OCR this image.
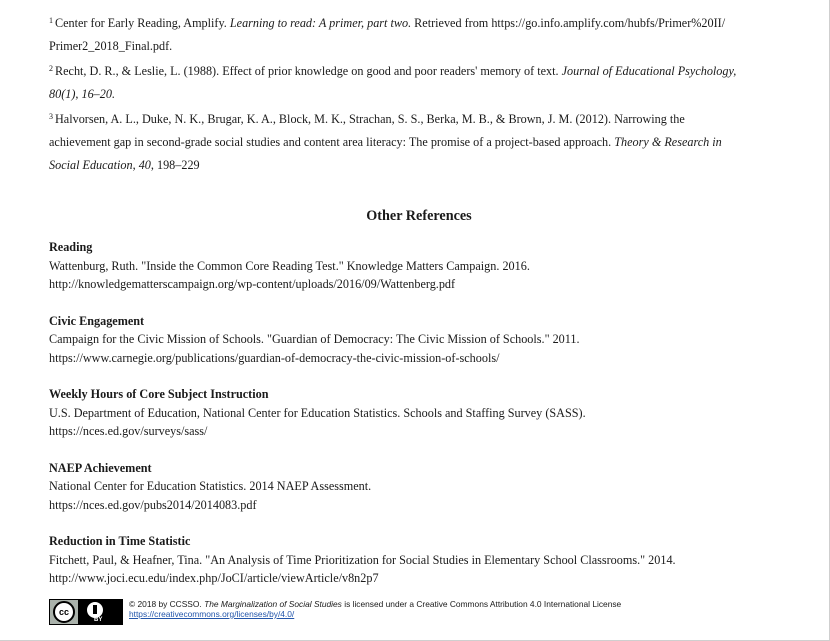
$^1$ Center for Early Reading, Amplify. Learning to read: A primer, part two. Retrieved from https://go.info.amplify.com/hubfs/Primer%20II/
Primer2_2018_Final.pdf.
$^2$ Recht, D. R., & Leslie, L. (1988). Effect of prior knowledge on good and poor readers' memory of text. Journal of Educational Psychology,
80(1), 16–20.
$^3$ Halvorsen, A. L., Duke, N. K., Brugar, K. A., Block, M. K., Strachan, S. S., Berka, M. B., & Brown, J. M. (2012). Narrowing the
achievement gap in second-grade social studies and content area literacy: The promise of a project-based approach. Theory & Research in
Social Education, 40, 198–229
Other References
Reading
Wattenburg, Ruth. "Inside the Common Core Reading Test." Knowledge Matters Campaign. 2016.
http://knowledgematterscampaign.org/wp-content/uploads/2016/09/Wattenberg.pdf
Civic Engagement
Campaign for the Civic Mission of Schools. "Guardian of Democracy: The Civic Mission of Schools." 2011.
https://www.carnegie.org/publications/guardian-of-democracy-the-civic-mission-of-schools/
Weekly Hours of Core Subject Instruction
U.S. Department of Education, National Center for Education Statistics. Schools and Staffing Survey (SASS).
https://nces.ed.gov/surveys/sass/
NAEP Achievement
National Center for Education Statistics. 2014 NAEP Assessment.
https://nces.ed.gov/pubs2014/2014083.pdf
Reduction in Time Statistic
Fitchett, Paul, & Heafner, Tina. "An Analysis of Time Prioritization for Social Studies in Elementary School Classrooms." 2014.
http://www.joci.ecu.edu/index.php/JoCI/article/viewArticle/v8n2p7
cc
BY
© 2018 by CCSSO. The Marginalization of Social Studies is licensed under a Creative Commons Attribution 4.0 International License
https://creativecommons.org/licenses/by/4.0/
